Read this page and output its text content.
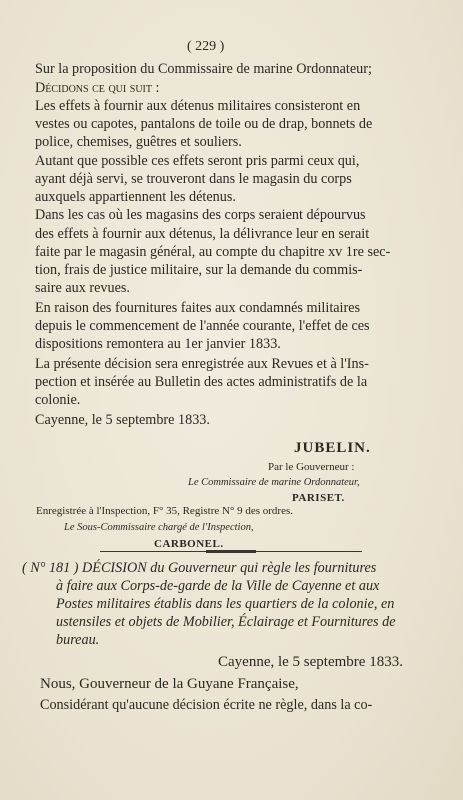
( 229 )
Sur la proposition du Commissaire de marine Ordonnateur;
Décidons ce qui suit :
Les effets à fournir aux détenus militaires consisteront en
vestes ou capotes, pantalons de toile ou de drap, bonnets de
police, chemises, guêtres et souliers.
Autant que possible ces effets seront pris parmi ceux qui,
ayant déjà servi, se trouveront dans le magasin du corps
auxquels appartiennent les détenus.
Dans les cas où les magasins des corps seraient dépourvus
des effets à fournir aux détenus, la délivrance leur en serait
faite par le magasin général, au compte du chapitre xv 1re sec-
tion, frais de justice militaire, sur la demande du commis-
saire aux revues.
En raison des fournitures faites aux condamnés militaires
depuis le commencement de l'année courante, l'effet de ces
dispositions remontera au 1er janvier 1833.
La présente décision sera enregistrée aux Revues et à l'Ins-
pection et insérée au Bulletin des actes administratifs de la
colonie.
Cayenne, le 5 septembre 1833.
JUBELIN.
Par le Gouverneur :
Le Commissaire de marine Ordonnateur,
PARISET.
Enregistrée à l'Inspection, F° 35, Registre N° 9 des ordres.
Le Sous-Commissaire chargé de l'Inspection,
CARBONEL.
( N° 181 ) DÉCISION du Gouverneur qui règle les fournitures
à faire aux Corps-de-garde de la Ville de Cayenne et aux
Postes militaires établis dans les quartiers de la colonie, en
ustensiles et objets de Mobilier, Éclairage et Fournitures de
bureau.
Cayenne, le 5 septembre 1833.
Nous, Gouverneur de la Guyane Française,
Considérant qu'aucune décision écrite ne règle, dans la co-
